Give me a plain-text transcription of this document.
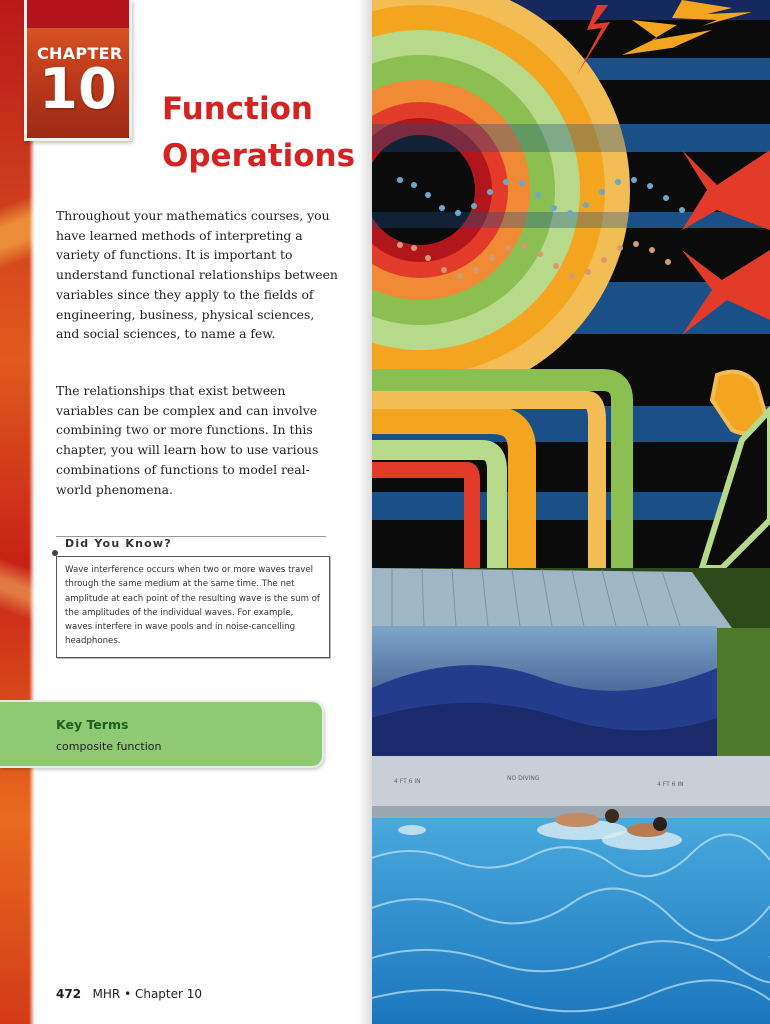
CHAPTER
10 Function
Operations
Throughout your mathematics courses, you have learned methods of interpreting a variety of functions. It is important to understand functional relationships between variables since they apply to the fields of engineering, business, physical sciences, and social sciences, to name a few.
The relationships that exist between variables can be complex and can involve combining two or more functions. In this chapter, you will learn how to use various combinations of functions to model real-world phenomena.
Did You Know?
Wave interference occurs when two or more waves travel through the same medium at the same time. The net amplitude at each point of the resulting wave is the sum of the amplitudes of the individual waves. For example, waves interfere in wave pools and in noise-cancelling headphones.
Key Terms
composite function
472 MHR • Chapter 10
4 FT 6 IN	NO DIVING
4 FT 6 IN
